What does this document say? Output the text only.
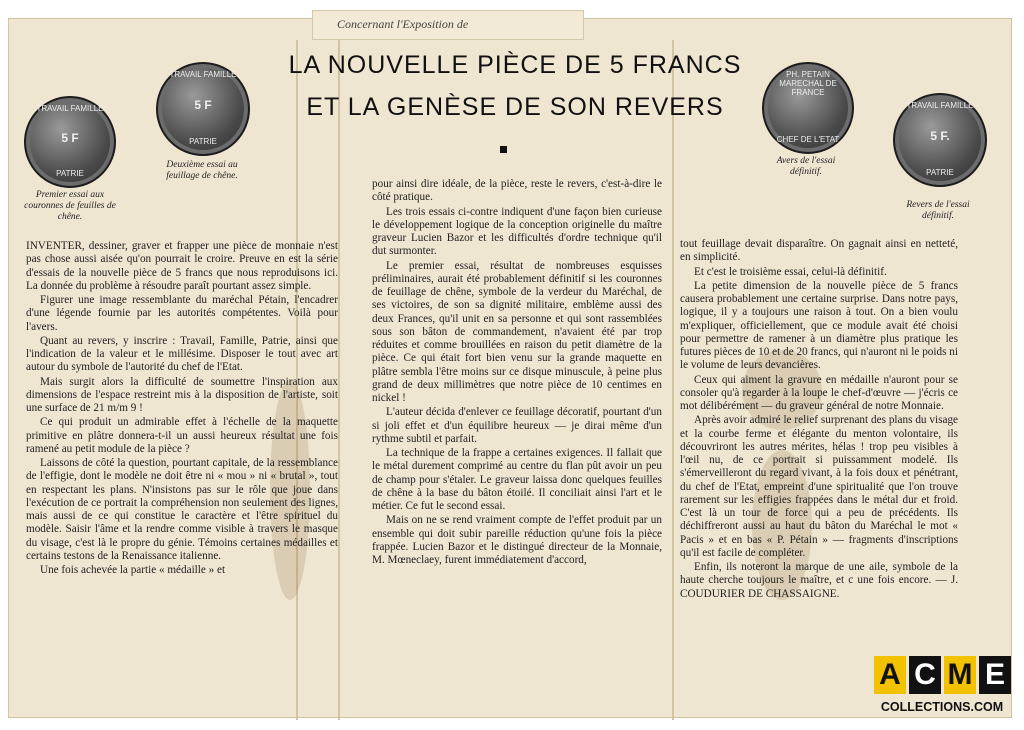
Concernant l'Exposition de
LA NOUVELLE PIÈCE DE 5 FRANCS
ET LA GENÈSE DE SON REVERS
TRAVAIL FAMILLE
5 F
PATRIE
TRAVAIL FAMILLE
5 F
PATRIE
PH. PETAIN MARECHAL DE FRANCE
CHEF DE L'ETAT
TRAVAIL FAMILLE
5 F.
PATRIE
Premier essai aux couronnes de feuilles de chêne.
Deuxième essai au feuillage de chêne.
Avers de l'essai définitif.
Revers de l'essai définitif.

INVENTER, dessiner, graver et frapper une pièce de monnaie n'est pas chose aussi aisée qu'on pourrait le croire. Preuve en est la série d'essais de la nouvelle pièce de 5 francs que nous reproduisons ici. La donnée du problème à résoudre paraît pourtant assez simple.

Figurer une image ressemblante du maréchal Pétain, l'encadrer d'une légende fournie par les autorités compétentes. Voilà pour l'avers.

Quant au revers, y inscrire : Travail, Famille, Patrie, ainsi que l'indication de la valeur et le millésime. Disposer le tout avec art autour du symbole de l'autorité du chef de l'Etat.

Mais surgit alors la difficulté de soumettre l'inspiration aux dimensions de l'espace restreint mis à la disposition de l'artiste, soit une surface de 21 m/m 9 !

Ce qui produit un admirable effet à l'échelle de la maquette primitive en plâtre donnera-t-il un aussi heureux résultat une fois ramené au petit module de la pièce ?

Laissons de côté la question, pourtant capitale, de la ressemblance de l'effigie, dont le modèle ne doit être ni « mou » ni « brutal », tout en respectant les plans. N'insistons pas sur le rôle que joue dans l'exécution de ce portrait la compréhension non seulement des lignes, mais aussi de ce qui constitue le caractère et l'être spirituel du modèle. Saisir l'âme et la rendre comme visible à travers le masque du visage, c'est là le propre du génie. Témoins certaines médailles et certains testons de la Renaissance italienne.

Une fois achevée la partie « médaille » et

pour ainsi dire idéale, de la pièce, reste le revers, c'est-à-dire le côté pratique.

Les trois essais ci-contre indiquent d'une façon bien curieuse le développement logique de la conception originelle du maître graveur Lucien Bazor et les difficultés d'ordre technique qu'il dut surmonter.

Le premier essai, résultat de nombreuses esquisses préliminaires, aurait été probablement définitif si les couronnes de feuillage de chêne, symbole de la verdeur du Maréchal, de ses victoires, de son sa dignité militaire, emblème aussi des deux Frances, qu'il unit en sa personne et qui sont rassemblées sous son bâton de commandement, n'avaient été par trop réduites et comme brouillées en raison du petit diamètre de la pièce. Ce qui était fort bien venu sur la grande maquette en plâtre sembla l'être moins sur ce disque minuscule, à peine plus grand de deux millimètres que notre pièce de 10 centimes en nickel !

L'auteur décida d'enlever ce feuillage décoratif, pourtant d'un si joli effet et d'un équilibre heureux — je dirai même d'un rythme subtil et parfait.

La technique de la frappe a certaines exigences. Il fallait que le métal durement comprimé au centre du flan pût avoir un peu de champ pour s'étaler. Le graveur laissa donc quelques feuilles de chêne à la base du bâton étoilé. Il conciliait ainsi l'art et le métier. Ce fut le second essai.

Mais on ne se rend vraiment compte de l'effet produit par un ensemble qui doit subir pareille réduction qu'une fois la pièce frappée. Lucien Bazor et le distingué directeur de la Monnaie, M. Mœneclaey, furent immédiatement d'accord,

tout feuillage devait disparaître. On gagnait ainsi en netteté, en simplicité.

Et c'est le troisième essai, celui-là définitif.

La petite dimension de la nouvelle pièce de 5 francs causera probablement une certaine surprise. Dans notre pays, logique, il y a toujours une raison à tout. On a bien voulu m'expliquer, officiellement, que ce module avait été choisi pour permettre de ramener à un diamètre plus pratique les futures pièces de 10 et de 20 francs, qui n'auront ni le poids ni le volume de leurs devancières.

Ceux qui aiment la gravure en médaille n'auront pour se consoler qu'à regarder à la loupe le chef-d'œuvre — j'écris ce mot délibérément — du graveur général de notre Monnaie.

Après avoir admiré le relief surprenant des plans du visage et la courbe ferme et élégante du menton volontaire, ils découvriront les autres mérites, hélas ! trop peu visibles à l'œil nu, de ce portrait si puissamment modelé. Ils s'émerveilleront du regard vivant, à la fois doux et pénétrant, du chef de l'Etat, empreint d'une spiritualité que l'on trouve rarement sur les effigies frappées dans le métal dur et froid. C'est là un tour de force qui a peu de précédents. Ils déchiffreront aussi au haut du bâton du Maréchal le mot « Pacis » et en bas « P. Pétain » — fragments d'inscriptions qu'il est facile de compléter.

Enfin, ils noteront la marque de une aile, symbole de la haute cherche toujours le maître, et c une fois encore. — J. COUDURIER DE CHASSAIGNE.

A C M E
COLLECTIONS.COM
